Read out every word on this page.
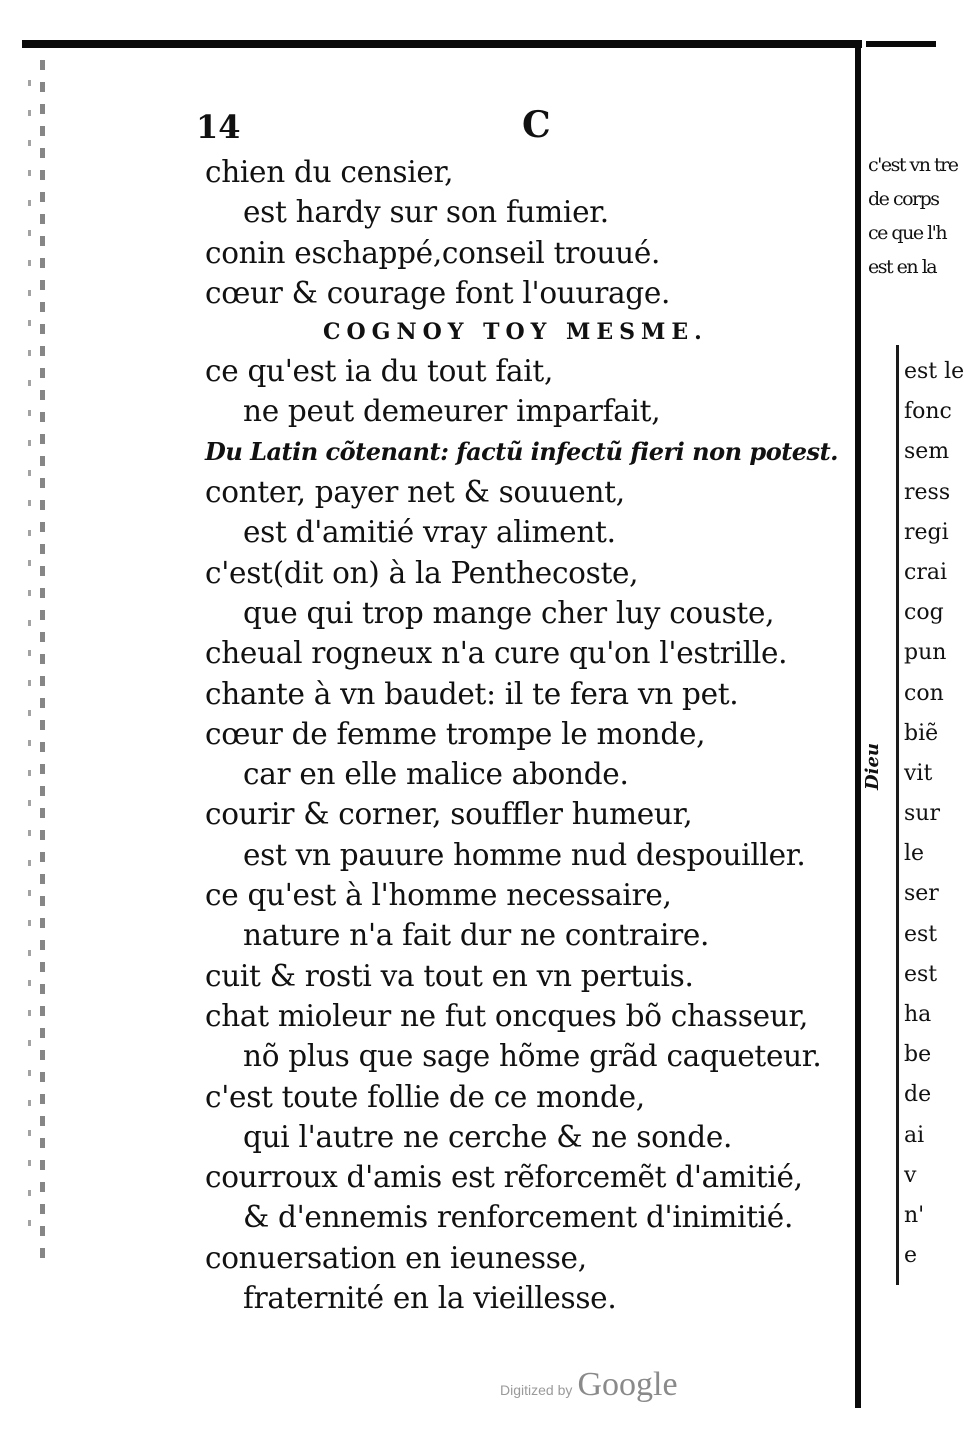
14	C
chien du censier,
est hardy sur son fumier.
conin eschappé,conseil trouué.
cœur & courage font l'ouurage.
COGNOY TOY MESME.
ce qu'est ia du tout fait,
ne peut demeurer imparfait,
Du Latin cõtenant: factũ infectũ fieri non potest.
conter, payer net & souuent,
est d'amitié vray aliment.
c'est(dit on) à la Penthecoste,
que qui trop mange cher luy couste,
cheual rogneux n'a cure qu'on l'estrille.
chante à vn baudet: il te fera vn pet.
cœur de femme trompe le monde,
car en elle malice abonde.
courir & corner, souffler humeur,
est vn pauure homme nud despouiller.
ce qu'est à l'homme necessaire,
nature n'a fait dur ne contraire.
cuit & rosti va tout en vn pertuis.
chat mioleur ne fut oncques bõ chasseur,
nõ plus que sage hõme grãd caqueteur.
c'est toute follie de ce monde,
qui l'autre ne cerche & ne sonde.
courroux d'amis est rẽforcemẽt d'amitié,
& d'ennemis renforcement d'inimitié.
conuersation en ieunesse,
fraternité en la vieillesse.
c'est vn tre
de corps
ce que l'h
est en la
est le
fonc
sem
ress
regi
crai
cog
pun
con
biẽ
vit
sur
le
ser
est
est
ha
be
de
ai
v
n'
e
Dieu
Digitized by Google
